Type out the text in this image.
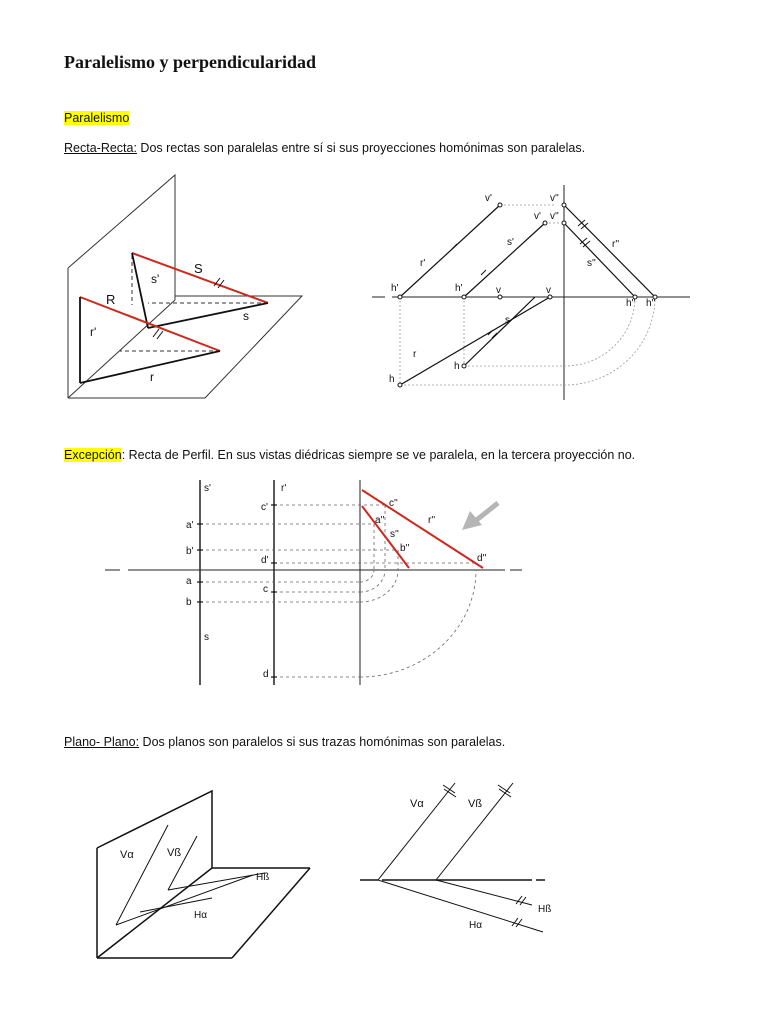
Paralelismo y perpendicularidad
Paralelismo
Recta-Recta: Dos rectas son paralelas entre sí si sus proyecciones homónimas son paralelas.
Excepción: Recta de Perfil. En sus vistas diédricas siempre se ve paralela, en la tercera proyección no.
Plano- Plano: Dos planos son paralelos si sus trazas homónimas son paralelas.
S
R
s'
r'
s
r
v'
v'
v''
v''
r'
s'	r''
s''
h'	h'	v	v
h'' h''
s
r
h
h
s'	r'
c'
a'
b'
d'
a
b
c
d
s
c''
a''
s''
r''
b''
d''
Vα	Vß
Hß
Hα
Vα	Vß
Hß
Hα
